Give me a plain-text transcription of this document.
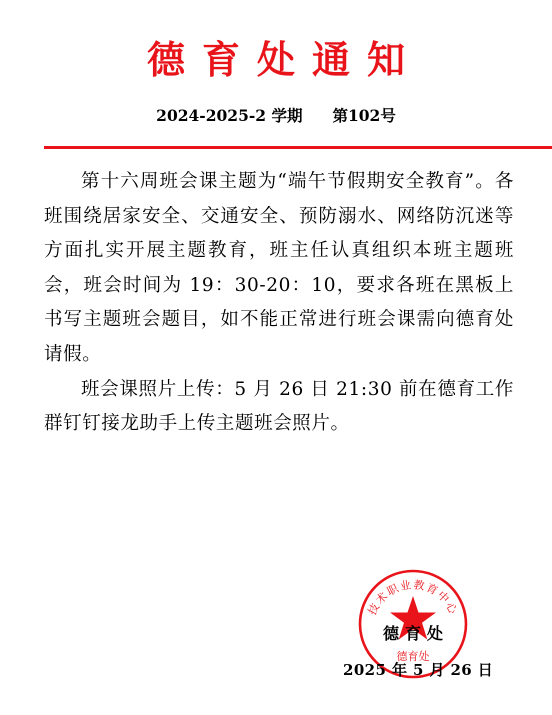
德育处通知
2024-2025-2 学期 第102号

第十六周班会课主题为“端午节假期安全教育”。各班围绕居家安全、交通安全、预防溺水、网络防沉迷等方面扎实开展主题教育，班主任认真组织本班主题班会，班会时间为 19：30-20：10，要求各班在黑板上书写主题班会题目，如不能正常进行班会课需向德育处请假。

班会课照片上传：5 月 26 日 21:30 前在德育工作群钉钉接龙助手上传主题班会照片。

技术职业教育中心
德育处
德育处
2025 年 5 月 26 日
